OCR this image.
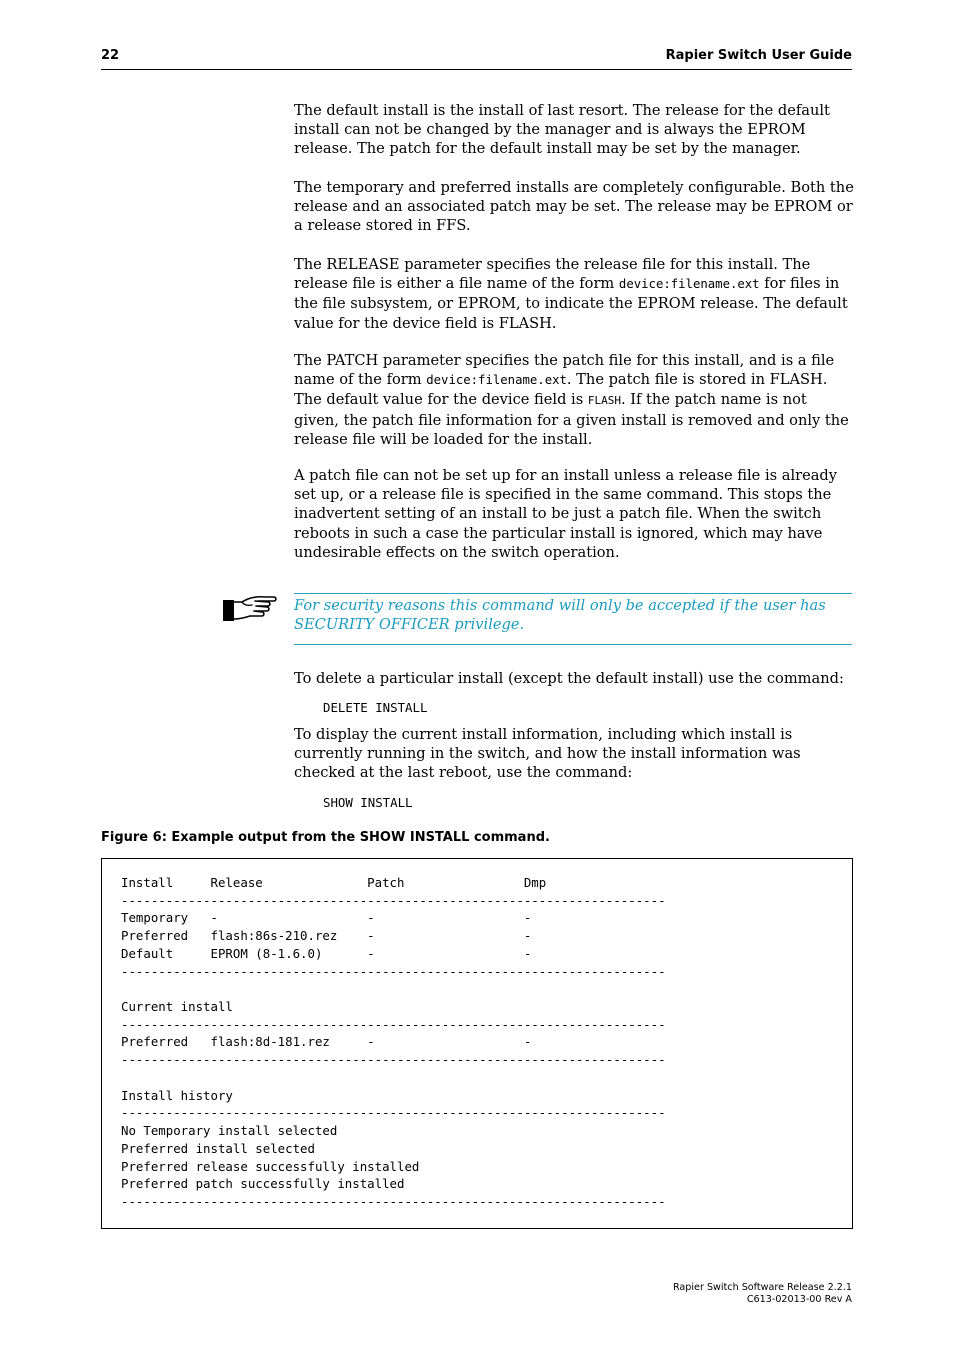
22	Rapier Switch User Guide

The default install is the install of last resort. The release for the default install can not be changed by the manager and is always the EPROM release. The patch for the default install may be set by the manager.

The temporary and preferred installs are completely configurable. Both the release and an associated patch may be set. The release may be EPROM or a release stored in FFS.

The RELEASE parameter specifies the release file for this install. The release file is either a file name of the form device:filename.ext for files in the file subsystem, or EPROM, to indicate the EPROM release. The default value for the device field is FLASH.

The PATCH parameter specifies the patch file for this install, and is a file name of the form device:filename.ext. The patch file is stored in FLASH. The default value for the device field is FLASH. If the patch name is not given, the patch file information for a given install is removed and only the release file will be loaded for the install.

A patch file can not be set up for an install unless a release file is already set up, or a release file is specified in the same command. This stops the inadvertent setting of an install to be just a patch file. When the switch reboots in such a case the particular install is ignored, which may have undesirable effects on the switch operation.

For security reasons this command will only be accepted if the user has SECURITY OFFICER privilege.

To delete a particular install (except the default install) use the command:

DELETE INSTALL

To display the current install information, including which install is currently running in the switch, and how the install information was checked at the last reboot, use the command:

SHOW INSTALL
Figure 6: Example output from the SHOW INSTALL command.
Install     Release              Patch                Dmp
-------------------------------------------------------------------------
Temporary   -                    -                    -
Preferred   flash:86s-210.rez    -                    -
Default     EPROM (8-1.6.0)      -                    -
-------------------------------------------------------------------------

Current install
-------------------------------------------------------------------------
Preferred   flash:8d-181.rez     -                    -
-------------------------------------------------------------------------

Install history
-------------------------------------------------------------------------
No Temporary install selected
Preferred install selected
Preferred release successfully installed
Preferred patch successfully installed
-------------------------------------------------------------------------
Rapier Switch Software Release 2.2.1
C613-02013-00 Rev A
